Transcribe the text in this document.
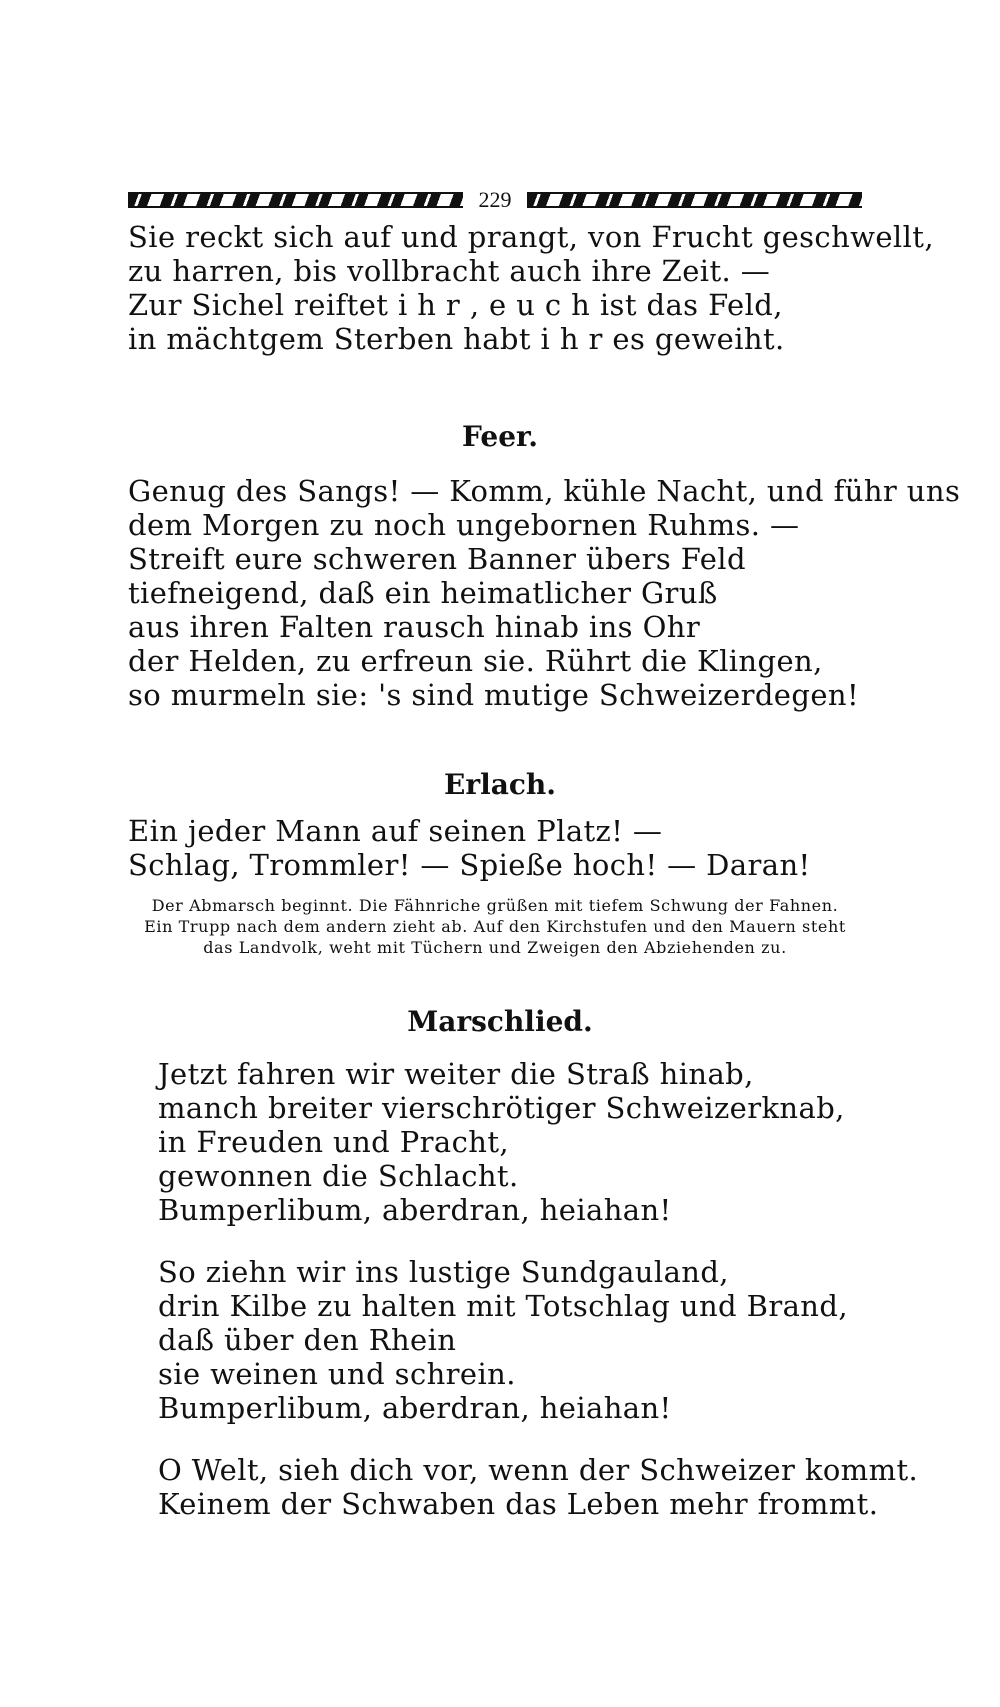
229
Sie reckt sich auf und prangt, von Frucht geschwellt,
zu harren, bis vollbracht auch ihre Zeit. —
Zur Sichel reiftet i h r , e u c h ist das Feld,
in mächtgem Sterben habt i h r es geweiht.
Feer.
Genug des Sangs! — Komm, kühle Nacht, und führ uns
dem Morgen zu noch ungebornen Ruhms. —
Streift eure schweren Banner übers Feld
tiefneigend, daß ein heimatlicher Gruß
aus ihren Falten rausch hinab ins Ohr
der Helden, zu erfreun sie. Rührt die Klingen,
so murmeln sie: 's sind mutige Schweizerdegen!
Erlach.
Ein jeder Mann auf seinen Platz! —
Schlag, Trommler! — Spieße hoch! — Daran!
Der Abmarsch beginnt. Die Fähnriche grüßen mit tiefem Schwung der Fahnen.
Ein Trupp nach dem andern zieht ab. Auf den Kirchstufen und den Mauern steht
das Landvolk, weht mit Tüchern und Zweigen den Abziehenden zu.
Marschlied.
Jetzt fahren wir weiter die Straß hinab,
manch breiter vierschrötiger Schweizerknab,
in Freuden und Pracht,
gewonnen die Schlacht.
Bumperlibum, aberdran, heiahan!
So ziehn wir ins lustige Sundgauland,
drin Kilbe zu halten mit Totschlag und Brand,
daß über den Rhein
sie weinen und schrein.
Bumperlibum, aberdran, heiahan!
O Welt, sieh dich vor, wenn der Schweizer kommt.
Keinem der Schwaben das Leben mehr frommt.
